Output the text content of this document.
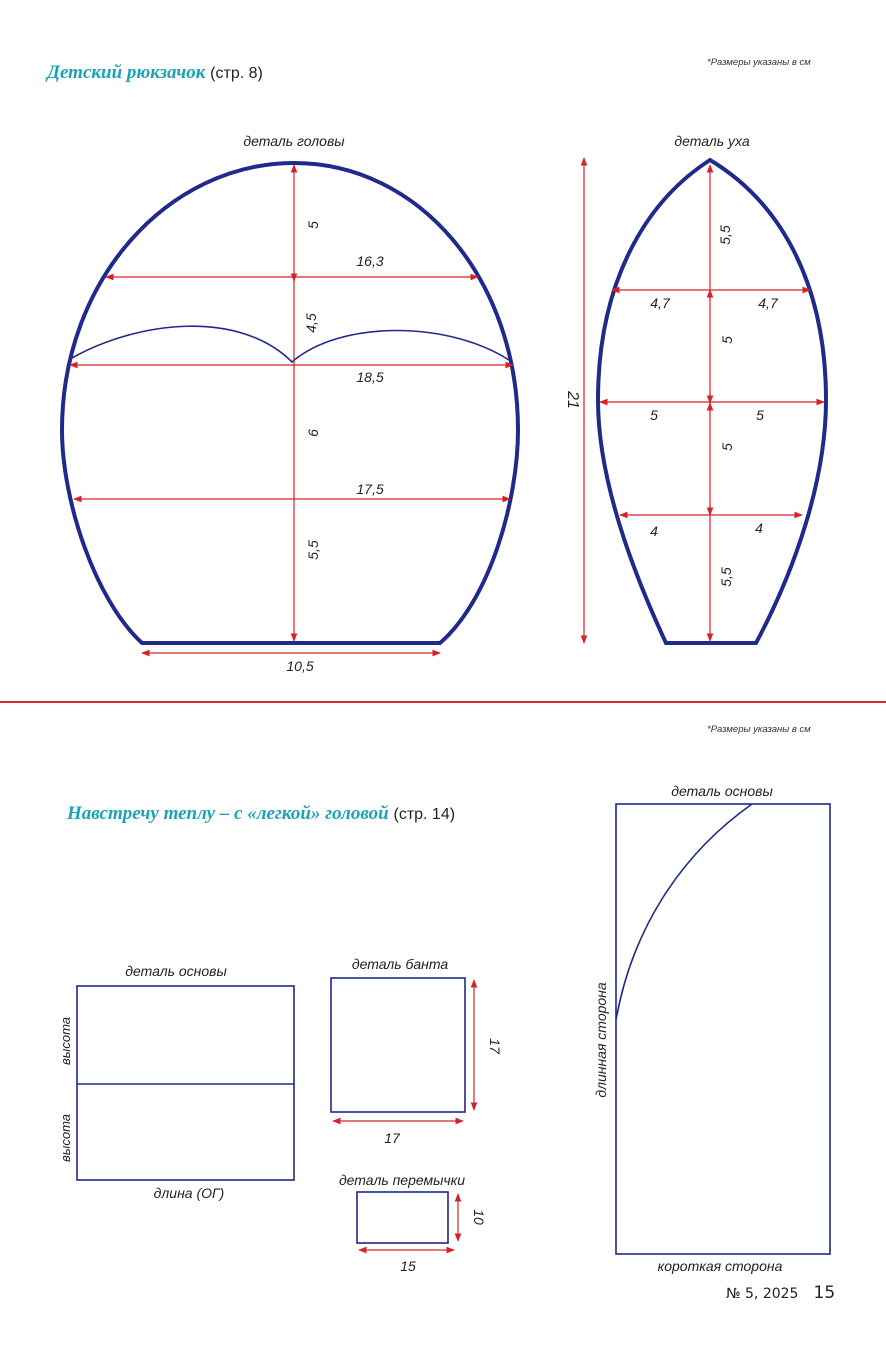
Детский рюкзачок (стр. 8)
*Размеры указаны в см
Навстречу теплу – с «легкой» головой (стр. 14)
*Размеры указаны в см
№ 5, 2025 15
деталь головы
5
16,3
4,5
18,5
6
17,5
5,5
10,5
деталь уха
5,5
4,7	4,7
5
5	5
5
4	4
5,5
21
деталь основы
высота
высота
длина (ОГ)
деталь банта
17
17
деталь перемычки
10
15
деталь основы
длинная сторона
короткая сторона
